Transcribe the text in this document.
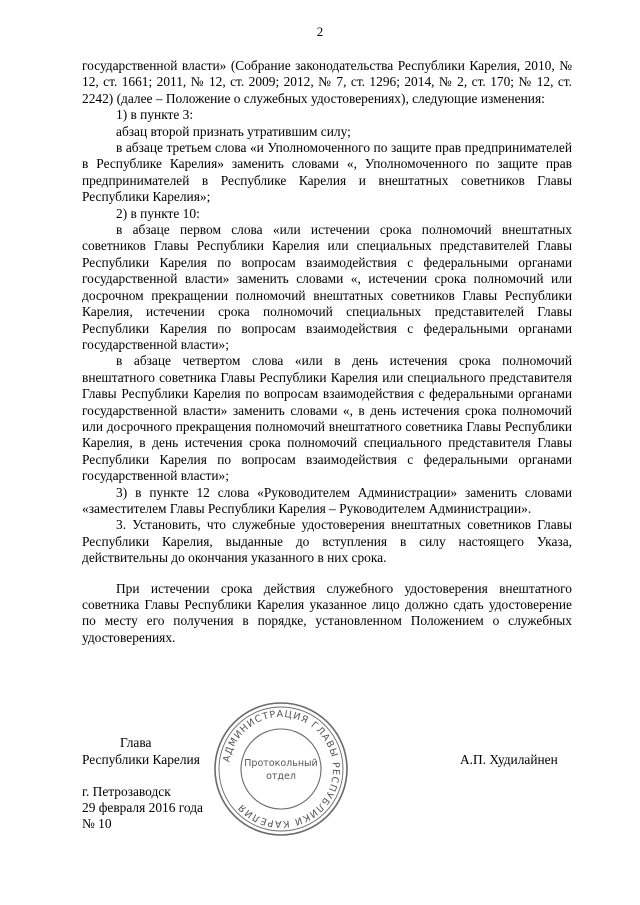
2

государственной власти» (Собрание законодательства Республики Карелия, 2010, № 12, ст. 1661; 2011, № 12, ст. 2009; 2012, № 7, ст. 1296; 2014, № 2, ст. 170; № 12, ст. 2242) (далее – Положение о служебных удостоверениях), следующие изменения:

1) в пункте 3:

абзац второй признать утратившим силу;

в абзаце третьем слова «и Уполномоченного по защите прав предпринимателей в Республике Карелия» заменить словами «, Уполномоченного по защите прав предпринимателей в Республике Карелия и внештатных советников Главы Республики Карелия»;

2) в пункте 10:

в абзаце первом слова «или истечении срока полномочий внештатных советников Главы Республики Карелия или специальных представителей Главы Республики Карелия по вопросам взаимодействия с федеральными органами государственной власти» заменить словами «, истечении срока полномочий или досрочном прекращении полномочий внештатных советников Главы Республики Карелия, истечении срока полномочий специальных представителей Главы Республики Карелия по вопросам взаимодействия с федеральными органами государственной власти»;

в абзаце четвертом слова «или в день истечения срока полномочий внештатного советника Главы Республики Карелия или специального представителя Главы Республики Карелия по вопросам взаимодействия с федеральными органами государственной власти» заменить словами «, в день истечения срока полномочий или досрочного прекращения полномочий внештатного советника Главы Республики Карелия, в день истечения срока полномочий специального представителя Главы Республики Карелия по вопросам взаимодействия с федеральными органами государственной власти»;

3) в пункте 12 слова «Руководителем Администрации» заменить словами «заместителем Главы Республики Карелия – Руководителем Администрации».

3. Установить, что служебные удостоверения внештатных советников Главы Республики Карелия, выданные до вступления в силу настоящего Указа, действительны до окончания указанного в них срока.

При истечении срока действия служебного удостоверения внештатного советника Главы Республики Карелия указанное лицо должно сдать удостоверение по месту его получения в порядке, установленном Положением о служебных удостоверениях.

Глава
Республики Карелия	А.П. Худилайнен
г. Петрозаводск
29 февраля 2016 года
№ 10
АДМИНИСТРАЦИЯ ГЛАВЫ РЕСПУБЛИКИ КАРЕЛИЯ
Протокольный
отдел
